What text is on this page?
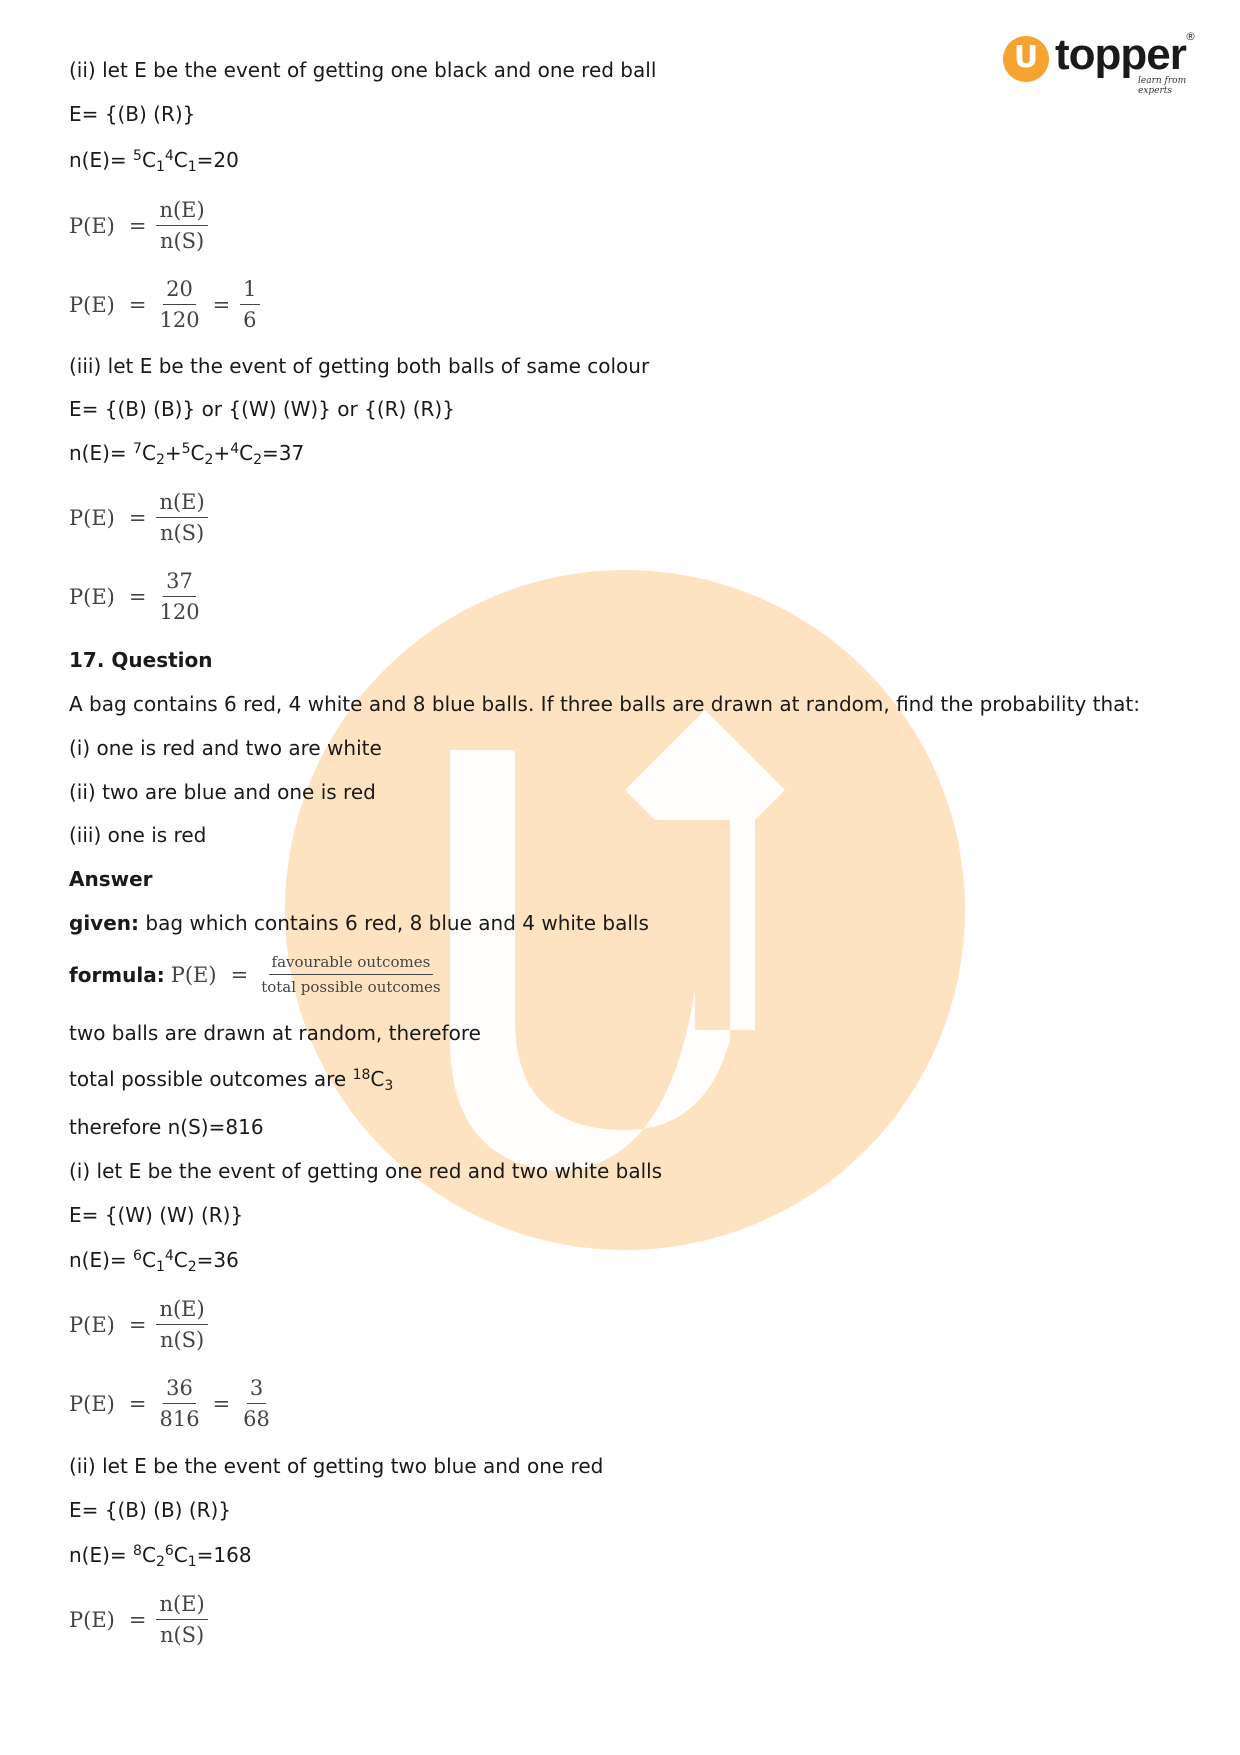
U topper
learn from experts
®
(ii) let E be the event of getting one black and one red ball
E= {(B) (R)}
$n(E)= ^5C_1^4C_1=20$
$P(E) = \frac{n(E)}{n(S)}$
$P(E) = \frac{20}{120} = \frac{1}{6}$
(iii) let E be the event of getting both balls of same colour
E= {(B) (B)} or {(W) (W)} or {(R) (R)}
$n(E)= ^7C_2+^5C_2+^4C_2=37$
$P(E) = \frac{n(E)}{n(S)}$
$P(E) = \frac{37}{120}$
17. Question
A bag contains 6 red, 4 white and 8 blue balls. If three balls are drawn at random, find the probability that:
(i) one is red and two are white
(ii) two are blue and one is red
(iii) one is red
Answer
given: bag which contains 6 red, 8 blue and 4 white balls
formula: $P(E) = \frac{\text{favourable outcomes}}{\text{total possible outcomes}}$
two balls are drawn at random, therefore
total possible outcomes are $^{18}C_3$
therefore n(S)=816
(i) let E be the event of getting one red and two white balls
E= {(W) (W) (R)}
$n(E)= ^6C_1^4C_2=36$
$P(E) = \frac{n(E)}{n(S)}$
$P(E) = \frac{36}{816} = \frac{3}{68}$
(ii) let E be the event of getting two blue and one red
E= {(B) (B) (R)}
$n(E)= ^8C_2^6C_1=168$
$P(E) = \frac{n(E)}{n(S)}$
